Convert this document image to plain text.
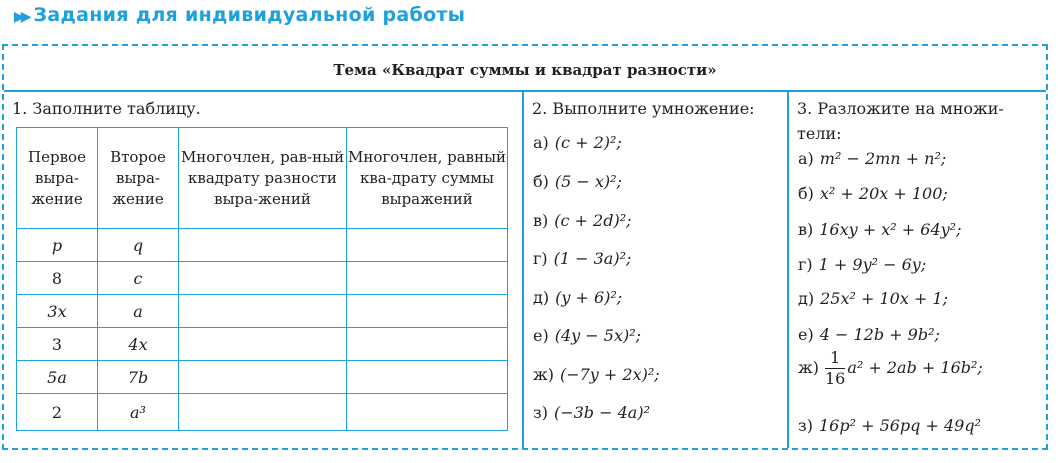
▶▶ Задания для индивидуальной работы
Тема «Квадрат суммы и квадрат разности»
1. Заполните таблицу.
Первое выра-жение	Второе выра-жение	Многочлен, рав-ный квадрату разности выра-жений	Многочлен, равный ква-драту суммы выражений
p	q		
8	c		
3x	a		
3	4x		
5a	7b		
2	a³		
2. Выполните умножение:
а) (c + 2)²;
б) (5 − x)²;
в) (c + 2d)²;
г) (1 − 3a)²;
д) (y + 6)²;
е) (4y − 5x)²;
ж) (−7y + 2x)²;
з) (−3b − 4a)²
3. Разложите на множи-
тели:
а) m² − 2mn + n²;
б) x² + 20x + 100;
в) 16xy + x² + 64y²;
г) 1 + 9y² − 6y;
д) 25x² + 10x + 1;
е) 4 − 12b + 9b²;
$ж) \frac{1}{16} a^2 + 2ab + 16b^2$;
з) 16p² + 56pq + 49q²
